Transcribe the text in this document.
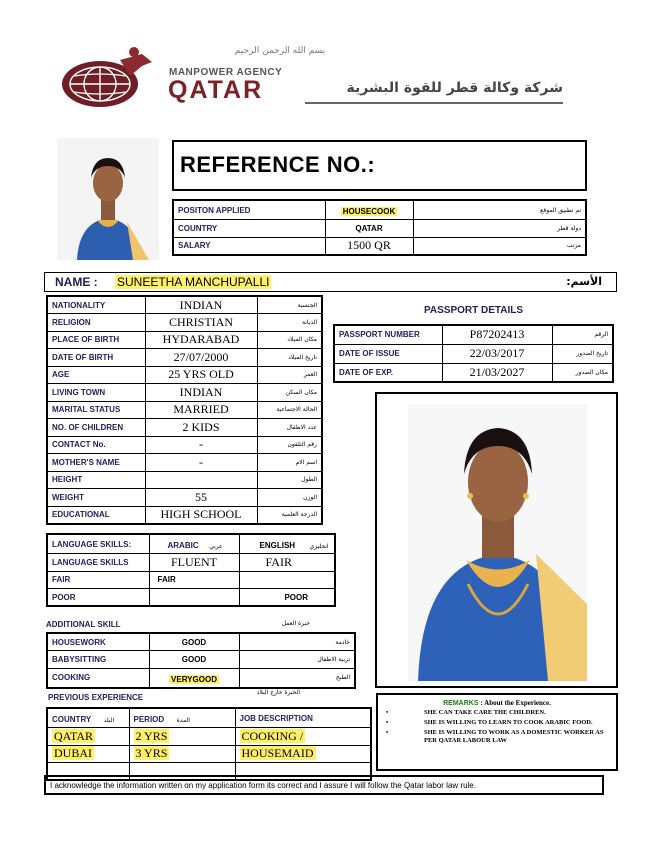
بسم الله الرحمن الرحيم
MANPOWER AGENCY
QATAR	شركة وكالة قطر للقوة البشرية
REFERENCE NO.:
POSITON APPLIED	HOUSECOOK	تم تطبيق الموقع
COUNTRY	QATAR	دولة قطر
SALARY	1500 QR	مرتب
NAME : SUNEETHA MANCHUPALLI	الأسم:
NATIONALITY	INDIAN	الجنسية
RELIGION	CHRISTIAN	الديانة
PLACE OF BIRTH	HYDARABAD	مكان الميلاد
DATE OF BIRTH	27/07/2000	تاريخ الميلاد
AGE	25 YRS OLD	العمر
LIVING TOWN	INDIAN	مكان السكن
MARITAL STATUS	MARRIED	الحالة الاجتماعية
NO. OF CHILDREN	2 KIDS	عدد الاطفال
CONTACT No.	-	رقم التلفون
MOTHER'S NAME	-	اسم الام
HEIGHT		الطول
WEIGHT	55	الوزن
EDUCATIONAL	HIGH SCHOOL	الدرجة العلمية
PASSPORT DETAILS
PASSPORT NUMBER	P87202413	الرقم
DATE OF ISSUE	22/03/2017	تاريخ الصدور
DATE OF EXP.	21/03/2027	مكان الصدور
LANGUAGE SKILLS:	ARABIC عربي	ENGLISH انجليزي
LANGUAGE SKILLS	FLUENT	FAIR
FAIR	FAIR	
POOR		POOR
ADDITIONAL SKILL	خبرة العمل
HOUSEWORK	GOOD	خادمة
BABYSITTING	GOOD	تربية الاطفال
COOKING	VERYGOOD	الطبخ
PREVIOUS EXPERIENCE
الخبرة خارج البلاد
COUNTRY البلد	PERIOD المدة	JOB DESCRIPTION
QATAR	2 YRS	COOKING /
DUBAI	3 YRS	HOUSEMAID

REMARKS : About the Experience.
•	SHE CAN TAKE CARE THE CHILDREN.
•	SHE IS WILLING TO LEARN TO COOK ARABIC FOOD.
•	SHE IS WILLING TO WORK AS A DOMESTIC WORKER AS PER QATAR LABOUR LAW
I acknowledge the information written on my application form its correct and I assure I will follow the Qatar labor law rule.
